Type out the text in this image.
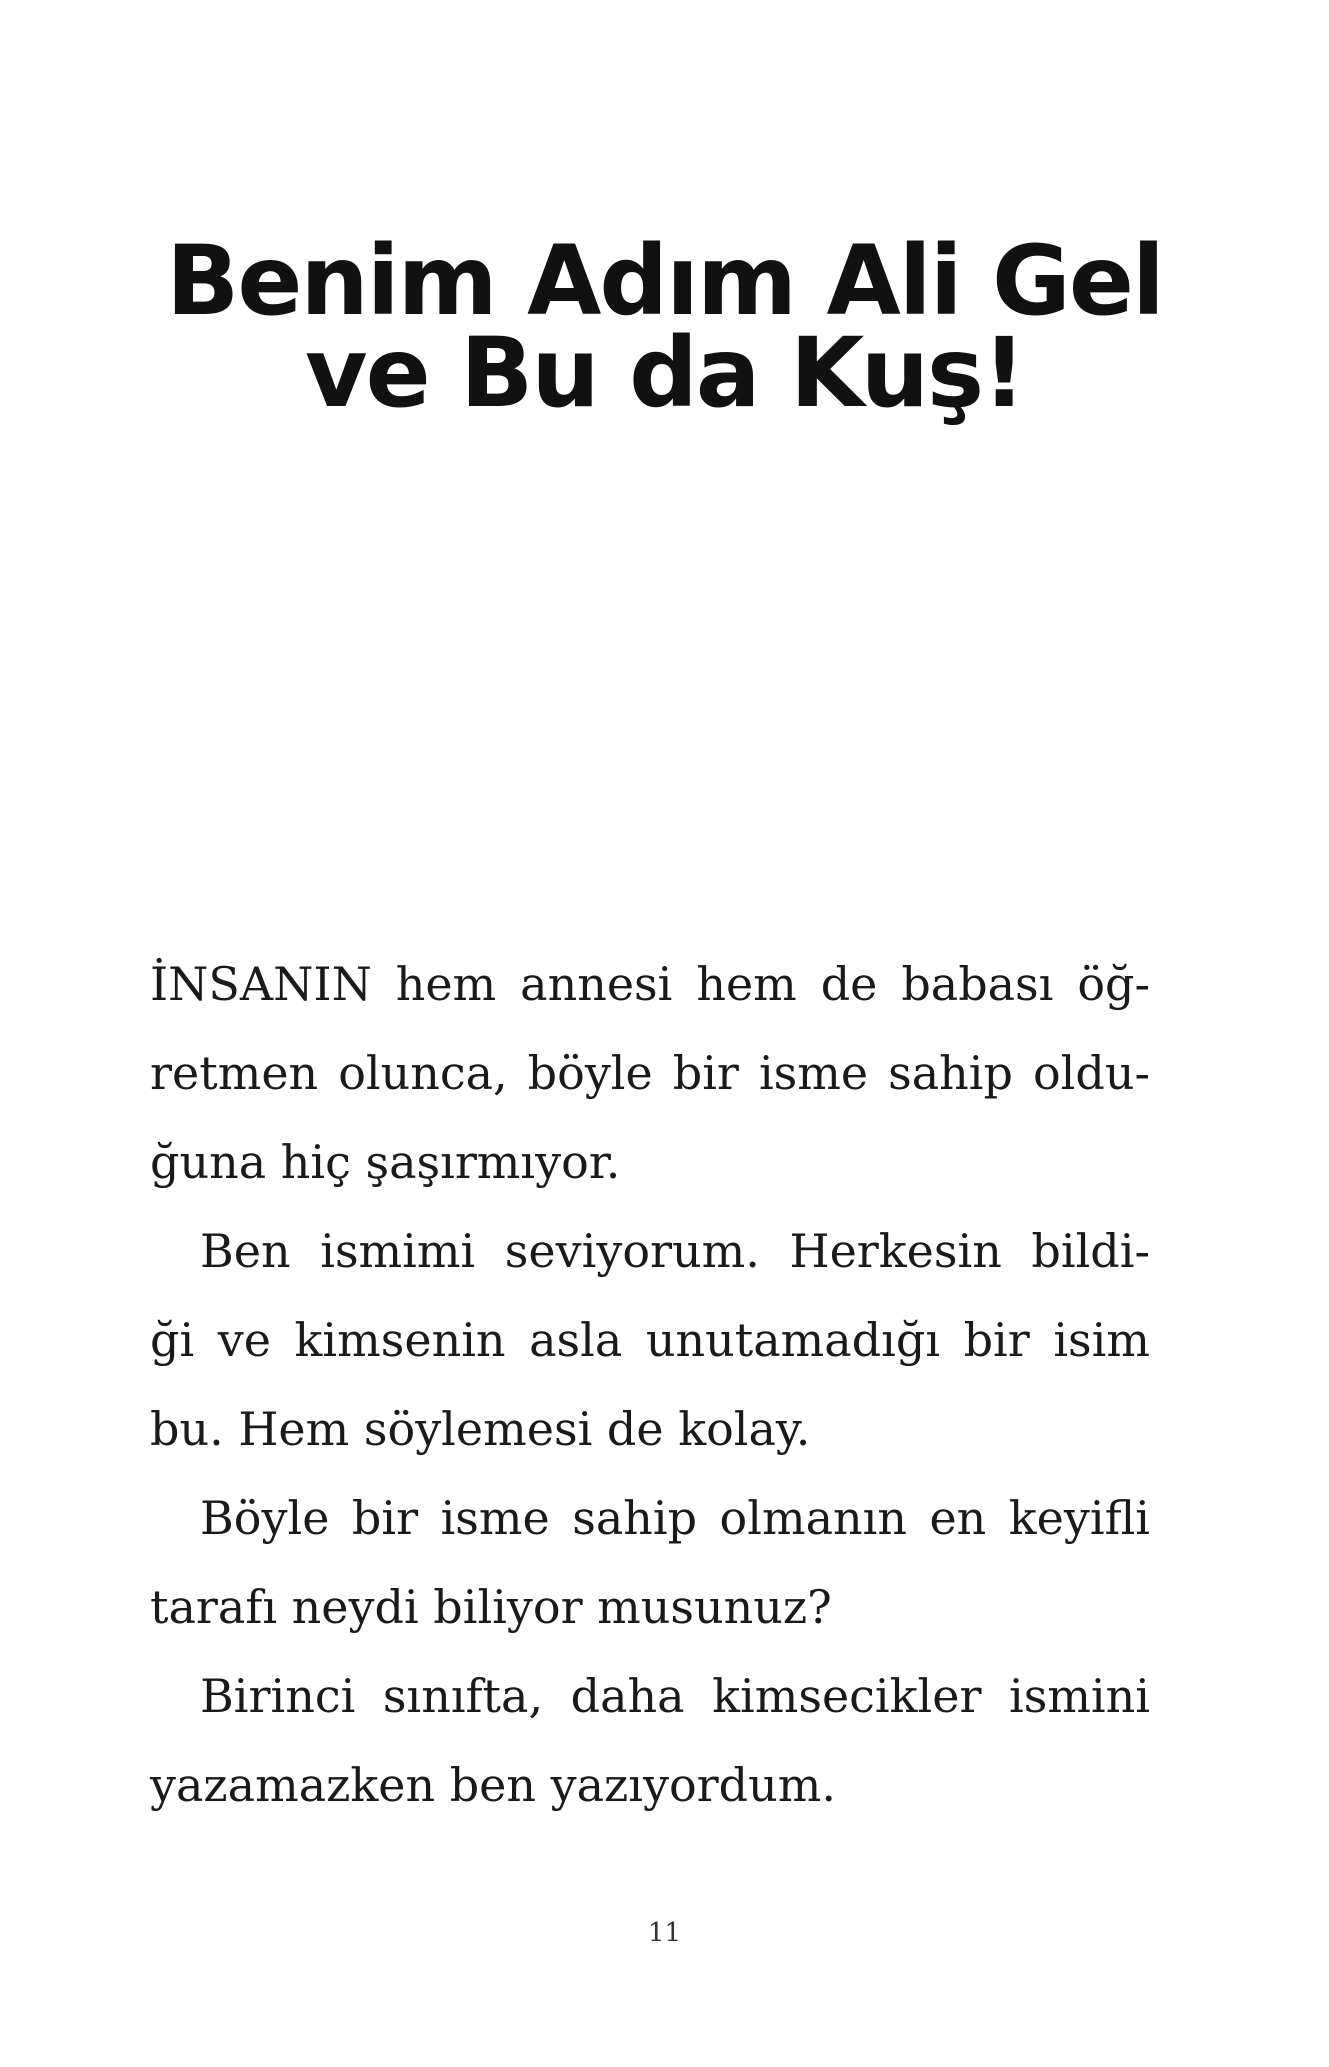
Benim Adım Ali Gel
ve Bu da Kuş!
İNSANIN hem annesi hem de babası öğ-
retmen olunca, böyle bir isme sahip oldu-
ğuna hiç şaşırmıyor.
Ben ismimi seviyorum. Herkesin bildi-
ği ve kimsenin asla unutamadığı bir isim
bu. Hem söylemesi de kolay.
Böyle bir isme sahip olmanın en keyifli
tarafı neydi biliyor musunuz?
Birinci sınıfta, daha kimsecikler ismini
yazamazken ben yazıyordum.
11
